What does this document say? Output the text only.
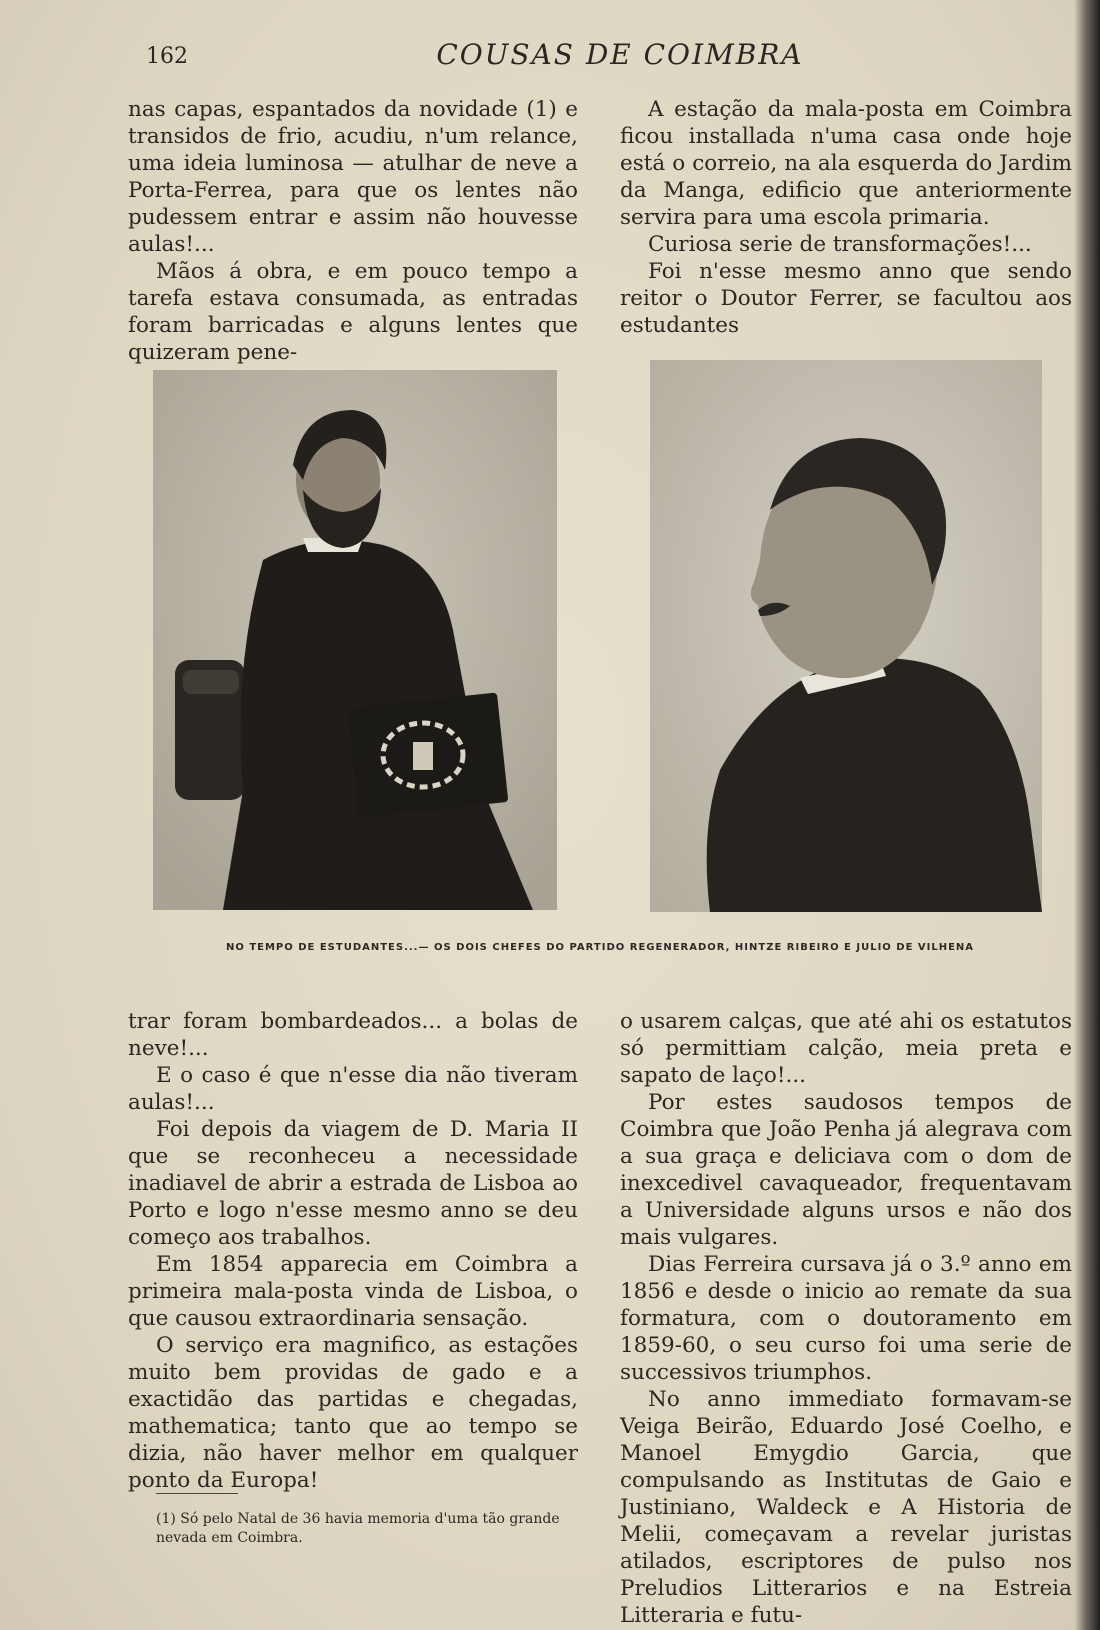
162	COUSAS DE COIMBRA

nas capas, espantados da novidade (1) e transidos de frio, acudiu, n'um relance, uma ideia luminosa — atulhar de neve a Porta-Ferrea, para que os lentes não pudessem entrar e assim não houvesse aulas!...

Mãos á obra, e em pouco tempo a tarefa estava consumada, as entradas foram barricadas e alguns lentes que quizeram pene-

A estação da mala-posta em Coimbra ficou installada n'uma casa onde hoje está o correio, na ala esquerda do Jardim da Manga, edificio que anteriormente servira para uma escola primaria.

Curiosa serie de transformações!...

Foi n'esse mesmo anno que sendo reitor o Doutor Ferrer, se facultou aos estudantes

NO TEMPO DE ESTUDANTES...— OS DOIS CHEFES DO PARTIDO REGENERADOR, HINTZE RIBEIRO E JULIO DE VILHENA

trar foram bombardeados... a bolas de neve!...

E o caso é que n'esse dia não tiveram aulas!...

Foi depois da viagem de D. Maria II que se reconheceu a necessidade inadiavel de abrir a estrada de Lisboa ao Porto e logo n'esse mesmo anno se deu começo aos trabalhos.

Em 1854 apparecia em Coimbra a primeira mala-posta vinda de Lisboa, o que causou extraordinaria sensação.

O serviço era magnifico, as estações muito bem providas de gado e a exactidão das partidas e chegadas, mathematica; tanto que ao tempo se dizia, não haver melhor em qualquer ponto da Europa!

o usarem calças, que até ahi os estatutos só permittiam calção, meia preta e sapato de laço!...

Por estes saudosos tempos de Coimbra que João Penha já alegrava com a sua graça e deliciava com o dom de inexcedivel cavaqueador, frequentavam a Universidade alguns ursos e não dos mais vulgares.

Dias Ferreira cursava já o 3.º anno em 1856 e desde o inicio ao remate da sua formatura, com o doutoramento em 1859-60, o seu curso foi uma serie de successivos triumphos.

No anno immediato formavam-se Veiga Beirão, Eduardo José Coelho, e Manoel Emygdio Garcia, que compulsando as Institutas de Gaio e Justiniano, Waldeck e A Historia de Melii, começavam a revelar juristas atilados, escriptores de pulso nos Preludios Litterarios e na Estreia Litteraria e futu-

(1) Só pelo Natal de 36 havia memoria d'uma tão grande nevada em Coimbra.
